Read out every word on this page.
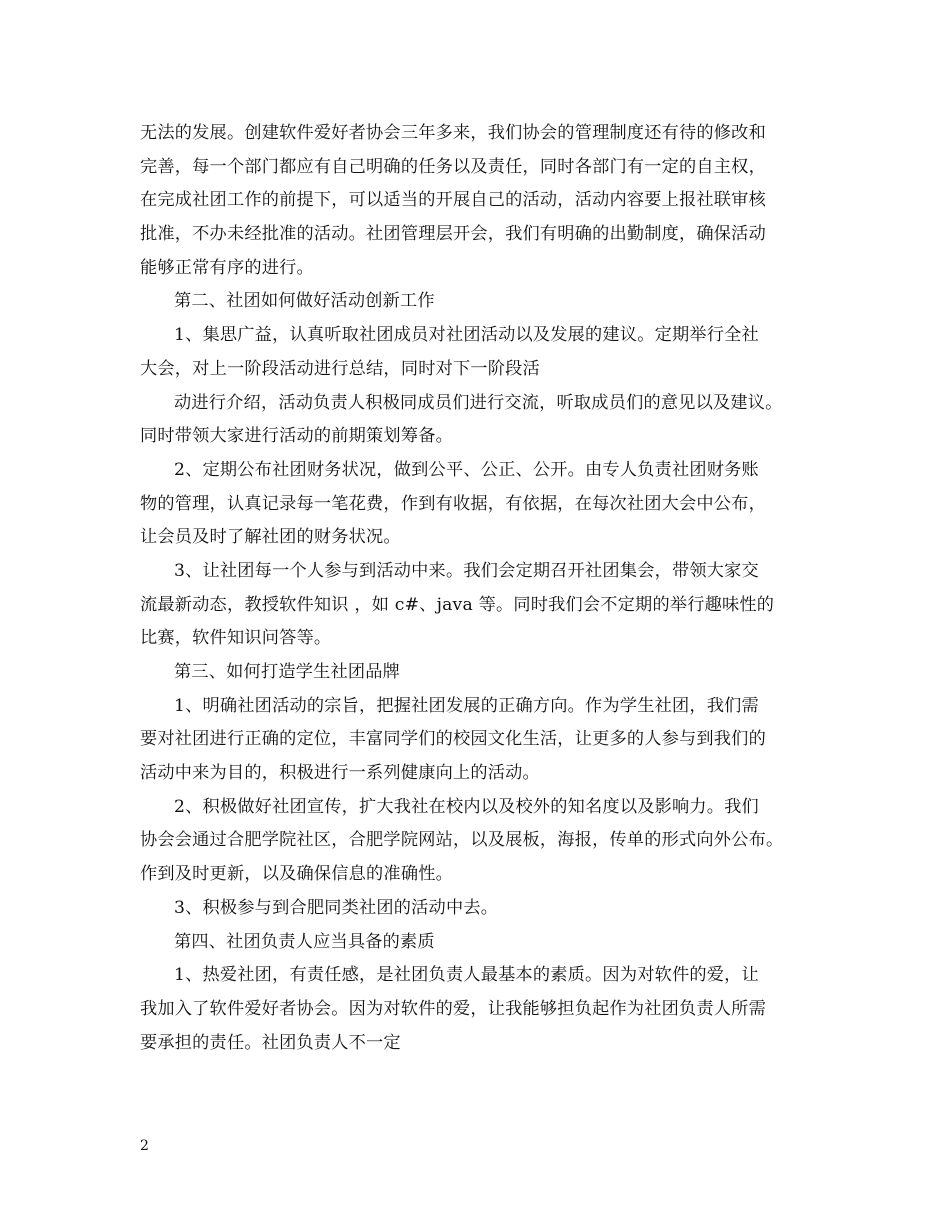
无法的发展。创建软件爱好者协会三年多来，我们协会的管理制度还有待的修改和
完善，每一个部门都应有自己明确的任务以及责任，同时各部门有一定的自主权，
在完成社团工作的前提下，可以适当的开展自己的活动，活动内容要上报社联审核
批准，不办未经批准的活动。社团管理层开会，我们有明确的出勤制度，确保活动
能够正常有序的进行。
第二、社团如何做好活动创新工作
1、集思广益，认真听取社团成员对社团活动以及发展的建议。定期举行全社
大会，对上一阶段活动进行总结，同时对下一阶段活
动进行介绍，活动负责人积极同成员们进行交流，听取成员们的意见以及建议。
同时带领大家进行活动的前期策划筹备。
2、定期公布社团财务状况，做到公平、公正、公开。由专人负责社团财务账
物的管理，认真记录每一笔花费，作到有收据，有依据，在每次社团大会中公布，
让会员及时了解社团的财务状况。
3、让社团每一个人参与到活动中来。我们会定期召开社团集会，带领大家交
流最新动态，教授软件知识 ，如 c#、java 等。同时我们会不定期的举行趣味性的
比赛，软件知识问答等。
第三、如何打造学生社团品牌
1、明确社团活动的宗旨，把握社团发展的正确方向。作为学生社团，我们需
要对社团进行正确的定位，丰富同学们的校园文化生活，让更多的人参与到我们的
活动中来为目的，积极进行一系列健康向上的活动。
2、积极做好社团宣传，扩大我社在校内以及校外的知名度以及影响力。我们
协会会通过合肥学院社区，合肥学院网站，以及展板，海报，传单的形式向外公布。
作到及时更新，以及确保信息的准确性。
3、积极参与到合肥同类社团的活动中去。
第四、社团负责人应当具备的素质
1、热爱社团，有责任感，是社团负责人最基本的素质。因为对软件的爱，让
我加入了软件爱好者协会。因为对软件的爱，让我能够担负起作为社团负责人所需
要承担的责任。社团负责人不一定
2
